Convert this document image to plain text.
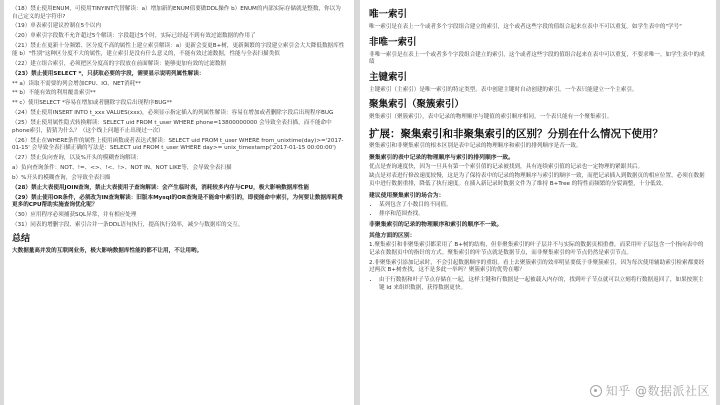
（18）禁止使用ENUM，可使用TINYINT代替解读：a）增加新的ENUM值要做DDL操作 b）ENUM的内部实际存储就是整数，你以为自己定义的是字符串?

（19）单表索引建议控制在5个以内

（20）单索引字段数不允许超过5个解读：字段超过5个时，实际已经起不到有效过滤数据的作用了

（21）禁止在更新十分频繁、区分度不高的属性上建立索引解读：a）更新会变更B+树，更新频繁的字段建立索引会大大降低数据库性能 b）"性别"这种区分度不大的属性，建立索引是没有什么意义的，不能有效过滤数据，性能与全表扫描类似

（22）建立组合索引，必须把区分度高的字段放在前面解读：能够更加有效的过滤数据

（23）禁止使用SELECT *，只获取必要的字段，需要显示说明列属性解读：

** a）读取不需要的列会增加CPU、IO、NET消耗**

** b）不能有效的利用覆盖索引**

** c）使用SELECT *容易在增加或者删除字段后出现程序BUG**

（24）禁止使用INSERT INTO t_xxx VALUES(xxx)，必须显示指定插入的列属性解读：容易在增加或者删除字段后出现程序BUG

（25）禁止使用属性隐式转换解读：SELECT uid FROM t_user WHERE phone=13800000000 会导致全表扫描，而不能命中phone索引，猜猜为什么？（这个线上问题不止出现过一次）

（26）禁止在WHERE条件的属性上使用函数或者表达式解读：SELECT uid FROM t_user WHERE from_unixtime(day)>='2017-01-15' 会导致全表扫描正确的写法是：SELECT uid FROM t_user WHERE day>= unix_timestamp('2017-01-15 00:00:00')

（27）禁止负向查询，以及%开头的模糊查询解读：

a）负向查询条件：NOT、!=、<>、!<、!>、NOT IN、NOT LIKE等，会导致全表扫描

b）%开头的模糊查询，会导致全表扫描

（28）禁止大表使用JOIN查询，禁止大表使用子查询解读：会产生临时表，消耗较多内存与CPU，极大影响数据库性能

（29）禁止使用OR条件，必须改为IN查询解读：旧版本Mysql的OR查询是不能命中索引的，即使能命中索引，为何要让数据库耗费更多的CPU帮助实施查询优化呢？

（30）应用程序必须捕获SQL异常，并有相应处理

（31）同表的增删字段、索引合并一条DDL语句执行，提高执行效率，减少与数据库的交互。

总结

大数据量高并发的互联网业务，极大影响数据库性能的都不让用，不让用哟。

唯一索引

唯一索引是在表上一个或者多个字段组合建立的索引，这个或者这些字段的值组合起来在表中不可以重复。如学生表中的"学号"

非唯一索引

非唯一索引是在表上一个或者多个字段组合建立的索引，这个或者这些字段的值组合起来在表中可以重复，不要求唯一。如学生表中的成绩

主键索引

主键索引（主索引）是唯一索引的特定类型。表中创建主键时自动创建的索引。一个表只能建立一个主索引。

聚集索引（聚簇索引）

聚集索引（聚簇索引），表中记录的物理顺序与键值的索引顺序相同。一个表只能有一个聚集索引。

扩展：聚集索引和非聚集索引的区别？分别在什么情况下使用？

聚集索引和非聚集索引的根本区别是表中记录的物理顺序和索引的排列顺序是否一致。

聚集索引的表中记录的物理顺序与索引的排列顺序一致。

优点是查询速度快，因为一旦具有第一个索引值的记录被找到，具有连续索引值的记录也一定物理的紧跟其后。

缺点是对表进行修改速度较慢，这是为了保持表中的记录的物理顺序与索引的顺序一致，而把记录插入到数据页的相应位置，必须在数据页中进行数据重排，降低了执行速度。在插入新记录时数据文件为了维持 B+Tree 的特性而频繁的分裂调整，十分低效。

建议使用聚集索引的场合为：
• 某列包含了小数目的不同值。
• 排序和范围查找。
非聚集索引的记录的物理顺序和索引的顺序不一致。
其他方面的区别：

1.聚集索引和非聚集索引都采用了 B+树的结构，但非聚集索引的叶子层并不与实际的数据页相重叠，而采用叶子层包含一个指向表中的记录在数据页中的指针的方式。聚集索引的叶节点就是数据节点，而非聚集索引的叶节点仍然是索引节点。

2.非聚集索引添加记录时，不会引起数据顺序的重组。看上去聚簇索引的效率明显要低于非聚簇索引，因为每次使用辅助索引检索都要经过两次 B+树查找，这不是多此一举吗？聚簇索引的优势在哪？

• 由于行数据和叶子节点存储在一起，这样主键和行数据是一起被载入内存的，找到叶子节点就可以立刻将行数据返回了，如果按照主键 Id 来组织数据，获得数据更快。
知乎 @数据派社区
